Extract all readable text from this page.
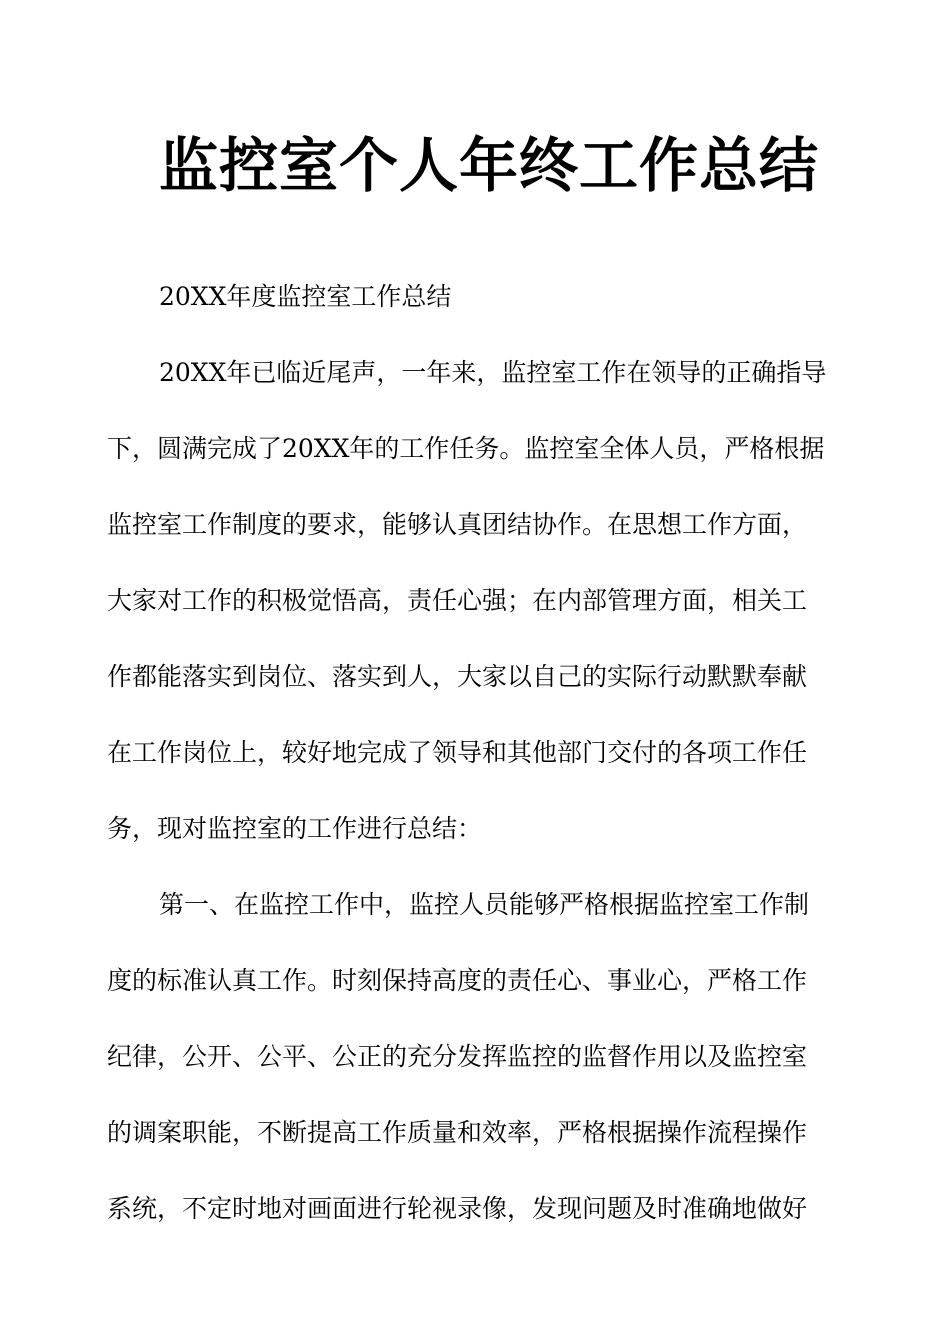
监控室个人年终工作总结
20XX年度监控室工作总结
20XX年已临近尾声，一年来，监控室工作在领导的正确指导
下，圆满完成了20XX年的工作任务。监控室全体人员，严格根据
监控室工作制度的要求，能够认真团结协作。在思想工作方面，
大家对工作的积极觉悟高，责任心强；在内部管理方面，相关工
作都能落实到岗位、落实到人，大家以自己的实际行动默默奉献
在工作岗位上，较好地完成了领导和其他部门交付的各项工作任
务，现对监控室的工作进行总结：
第一、在监控工作中，监控人员能够严格根据监控室工作制
度的标准认真工作。时刻保持高度的责任心、事业心，严格工作
纪律，公开、公平、公正的充分发挥监控的监督作用以及监控室
的调案职能，不断提高工作质量和效率，严格根据操作流程操作
系统，不定时地对画面进行轮视录像，发现问题及时准确地做好
